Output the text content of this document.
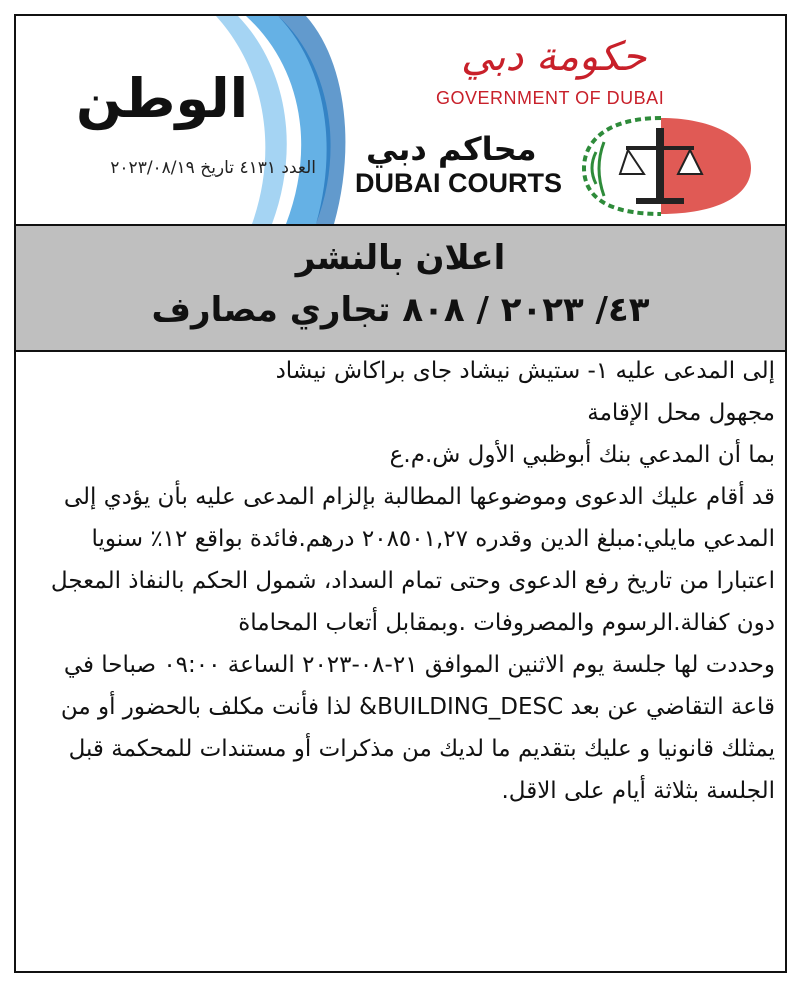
الوطن
العدد ٤١٣١ تاريخ ٢٠٢٣/٠٨/١٩
حكومة دبي
GOVERNMENT OF DUBAI
محاكم دبي
DUBAI COURTS
اعلان بالنشر
٤٣/ ٢٠٢٣ / ٨٠٨ تجاري مصارف

إلى المدعى عليه ١- ستيش نيشاد جاى براكاش نيشاد

مجهول محل الإقامة

بما أن المدعي بنك أبوظبي الأول ش.م.ع

قد أقام عليك الدعوى وموضوعها المطالبة بإلزام المدعى عليه بأن يؤدي إلى المدعي مايلي:مبلغ الدين وقدره ٢٠٨٥٠١,٢٧ درهم.فائدة بواقع ١٢٪ سنويا اعتبارا من تاريخ رفع الدعوى وحتى تمام السداد، شمول الحكم بالنفاذ المعجل دون كفالة.الرسوم والمصروفات .وبمقابل أتعاب المحاماة

وحددت لها جلسة يوم الاثنين الموافق ٢١-٠٨-٢٠٢٣ الساعة ٠٩:٠٠ صباحا في قاعة التقاضي عن بعد BUILDING_DESC& لذا فأنت مكلف بالحضور أو من يمثلك قانونيا و عليك بتقديم ما لديك من مذكرات أو مستندات للمحكمة قبل الجلسة بثلاثة أيام على الاقل.
